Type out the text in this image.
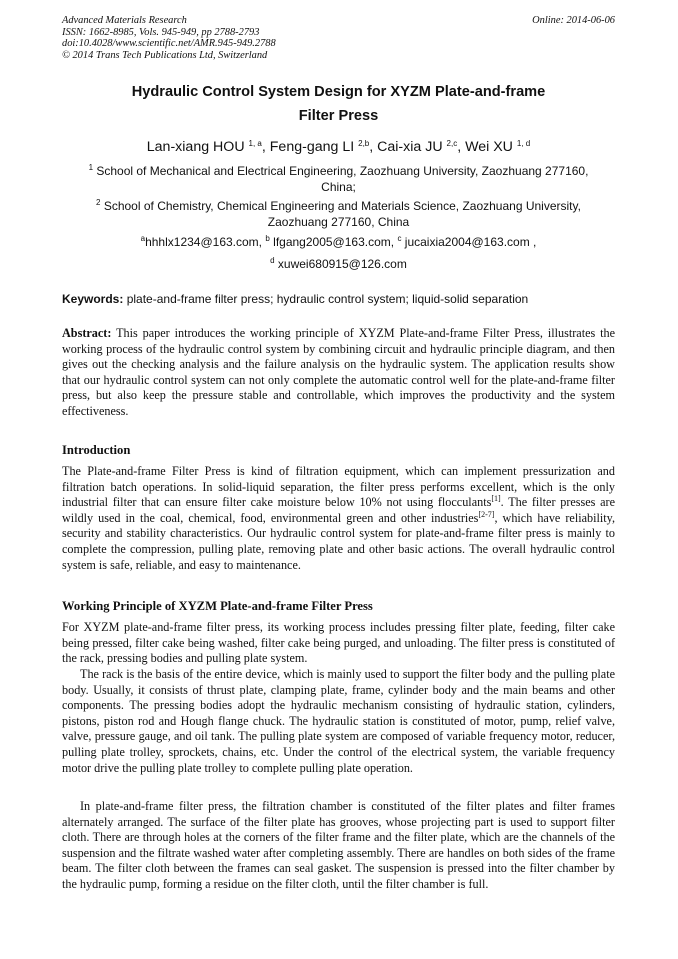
Advanced Materials Research
ISSN: 1662-8985, Vols. 945-949, pp 2788-2793
doi:10.4028/www.scientific.net/AMR.945-949.2788
© 2014 Trans Tech Publications Ltd, Switzerland
Online: 2014-06-06
Hydraulic Control System Design for XYZM Plate-and-frame
Filter Press
Lan-xiang HOU $^{1, a}$, Feng-gang LI $^{2,b}$, Cai-xia JU $^{2,c}$, Wei XU $^{1, d}$
$^1$ School of Mechanical and Electrical Engineering, Zaozhuang University, Zaozhuang 277160, China;
$^2$ School of Chemistry, Chemical Engineering and Materials Science, Zaozhuang University, Zaozhuang 277160, China
$^a$hhhlx1234@163.com, $^b$ lfgang2005@163.com, $^c$ jucaixia2004@163.com ,
$^d$ xuwei680915@126.com
Keywords: plate-and-frame filter press; hydraulic control system; liquid-solid separation
Abstract: This paper introduces the working principle of XYZM Plate-and-frame Filter Press, illustrates the working process of the hydraulic control system by combining circuit and hydraulic principle diagram, and then gives out the checking analysis and the failure analysis on the hydraulic system. The application results show that our hydraulic control system can not only complete the automatic control well for the plate-and-frame filter press, but also keep the pressure stable and controllable, which improves the productivity and the system effectiveness.
Introduction

The Plate-and-frame Filter Press is kind of filtration equipment, which can implement pressurization and filtration batch operations. In solid-liquid separation, the filter press performs excellent, which is the only industrial filter that can ensure filter cake moisture below 10% not using flocculants[1]. The filter presses are wildly used in the coal, chemical, food, environmental green and other industries[2-7], which have reliability, security and stability characteristics. Our hydraulic control system for plate-and-frame filter press is mainly to complete the compression, pulling plate, removing plate and other basic actions. The overall hydraulic control system is safe, reliable, and easy to maintenance.

Working Principle of XYZM Plate-and-frame Filter Press

For XYZM plate-and-frame filter press, its working process includes pressing filter plate, feeding, filter cake being pressed, filter cake being washed, filter cake being purged, and unloading. The filter press is constituted of the rack, pressing bodies and pulling plate system.

The rack is the basis of the entire device, which is mainly used to support the filter body and the pulling plate body. Usually, it consists of thrust plate, clamping plate, frame, cylinder body and the main beams and other components. The pressing bodies adopt the hydraulic mechanism consisting of hydraulic station, cylinders, pistons, piston rod and Hough flange chuck. The hydraulic station is constituted of motor, pump, relief valve, valve, pressure gauge, and oil tank. The pulling plate system are composed of variable frequency motor, reducer, pulling plate trolley, sprockets, chains, etc. Under the control of the electrical system, the variable frequency motor drive the pulling plate trolley to complete pulling plate operation.

In plate-and-frame filter press, the filtration chamber is constituted of the filter plates and filter frames alternately arranged. The surface of the filter plate has grooves, whose projecting part is used to support filter cloth. There are through holes at the corners of the filter frame and the filter plate, which are the channels of the suspension and the filtrate washed water after completing assembly. There are handles on both sides of the frame beam. The filter cloth between the frames can seal gasket. The suspension is pressed into the filter chamber by the hydraulic pump, forming a residue on the filter cloth, until the filter chamber is full.
